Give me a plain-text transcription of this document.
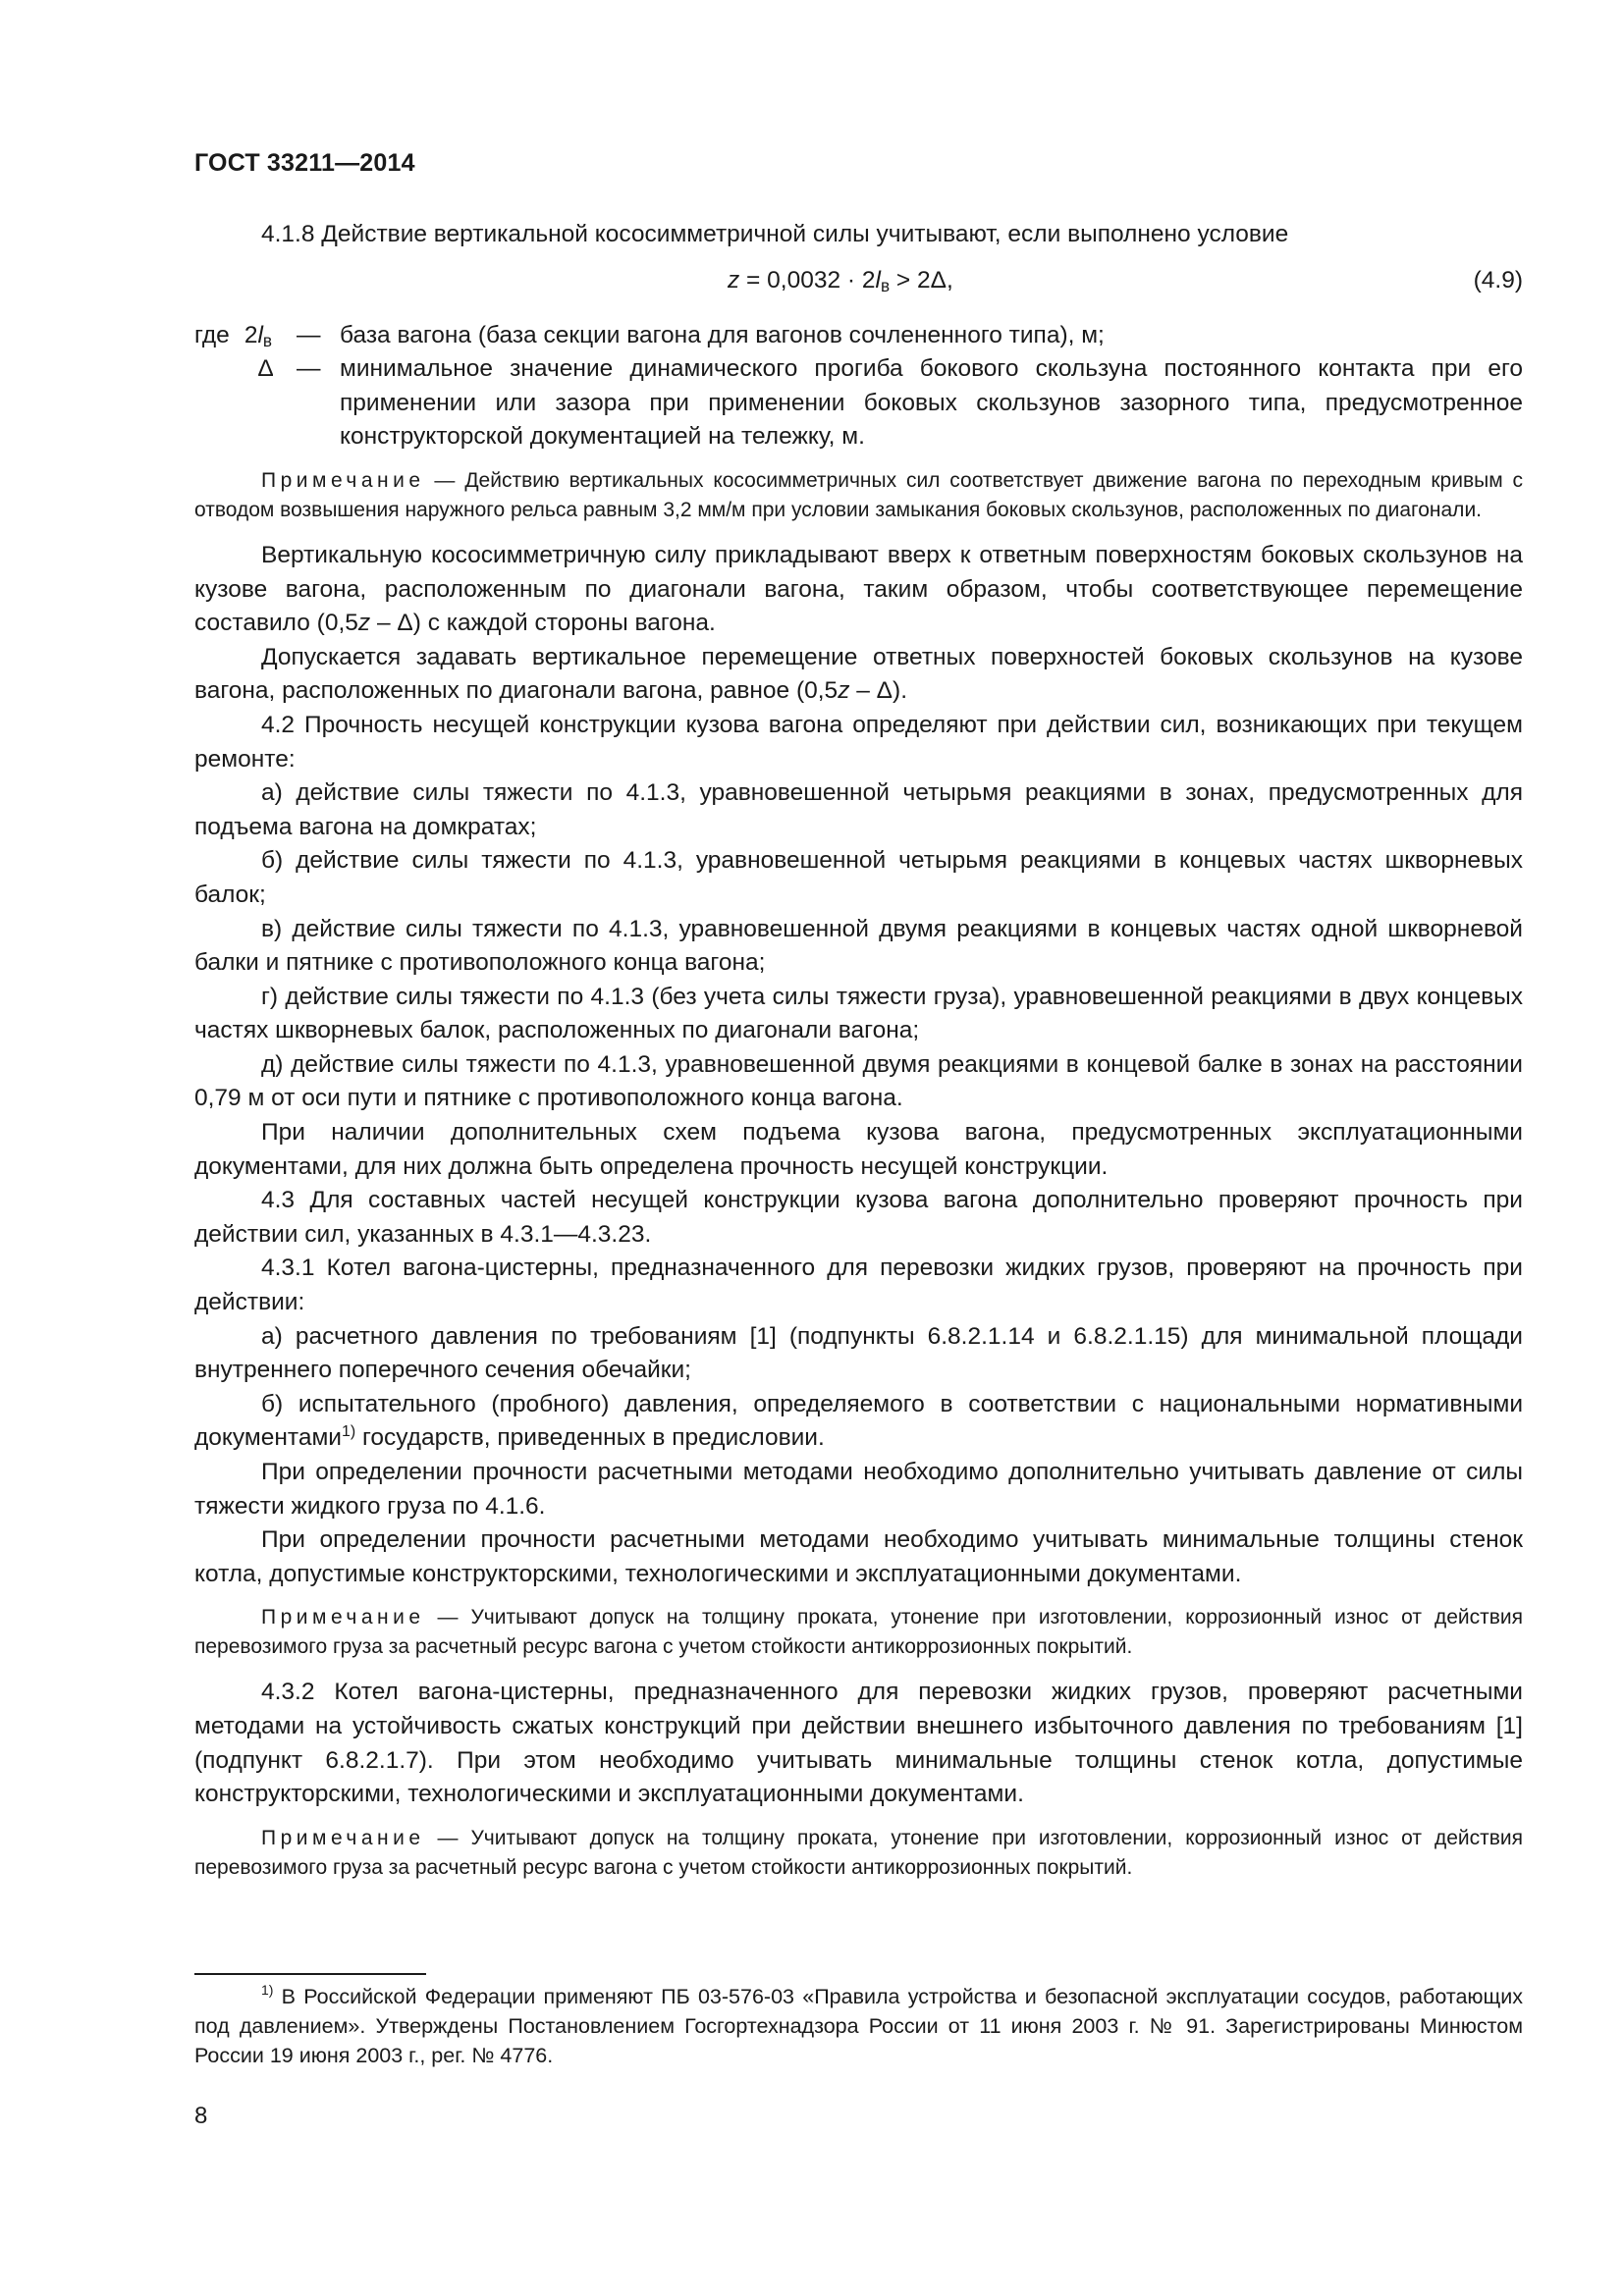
ГОСТ 33211—2014

4.1.8 Действие вертикальной кососимметричной силы учитывают, если выполнено условие

$z = 0,0032 \cdot 2l_в > 2\Delta$,	(4.9)
где $2l_в$	— база вагона (база секции вагона для вагонов сочлененного типа), м;
Δ — минимальное значение динамического прогиба бокового скользуна постоянного контакта при его применении или зазора при применении боковых скользунов зазорного типа, предусмотренное конструкторской документацией на тележку, м.

Примечание — Действию вертикальных кососимметричных сил соответствует движение вагона по переходным кривым с отводом возвышения наружного рельса равным 3,2 мм/м при условии замыкания боковых скользунов, расположенных по диагонали.

Вертикальную кососимметричную силу прикладывают вверх к ответным поверхностям боковых скользунов на кузове вагона, расположенным по диагонали вагона, таким образом, чтобы соответствующее перемещение составило (0,5z – Δ) с каждой стороны вагона.

Допускается задавать вертикальное перемещение ответных поверхностей боковых скользунов на кузове вагона, расположенных по диагонали вагона, равное (0,5z – Δ).

4.2 Прочность несущей конструкции кузова вагона определяют при действии сил, возникающих при текущем ремонте:

а) действие силы тяжести по 4.1.3, уравновешенной четырьмя реакциями в зонах, предусмотренных для подъема вагона на домкратах;

б) действие силы тяжести по 4.1.3, уравновешенной четырьмя реакциями в концевых частях шкворневых балок;

в) действие силы тяжести по 4.1.3, уравновешенной двумя реакциями в концевых частях одной шкворневой балки и пятнике с противоположного конца вагона;

г) действие силы тяжести по 4.1.3 (без учета силы тяжести груза), уравновешенной реакциями в двух концевых частях шкворневых балок, расположенных по диагонали вагона;

д) действие силы тяжести по 4.1.3, уравновешенной двумя реакциями в концевой балке в зонах на расстоянии 0,79 м от оси пути и пятнике с противоположного конца вагона.

При наличии дополнительных схем подъема кузова вагона, предусмотренных эксплуатационными документами, для них должна быть определена прочность несущей конструкции.

4.3 Для составных частей несущей конструкции кузова вагона дополнительно проверяют прочность при действии сил, указанных в 4.3.1—4.3.23.

4.3.1 Котел вагона-цистерны, предназначенного для перевозки жидких грузов, проверяют на прочность при действии:

а) расчетного давления по требованиям [1] (подпункты 6.8.2.1.14 и 6.8.2.1.15) для минимальной площади внутреннего поперечного сечения обечайки;

б) испытательного (пробного) давления, определяемого в соответствии с национальными нормативными документами$^{1)}$ государств, приведенных в предисловии.

При определении прочности расчетными методами необходимо дополнительно учитывать давление от силы тяжести жидкого груза по 4.1.6.

При определении прочности расчетными методами необходимо учитывать минимальные толщины стенок котла, допустимые конструкторскими, технологическими и эксплуатационными документами.

Примечание — Учитывают допуск на толщину проката, утонение при изготовлении, коррозионный износ от действия перевозимого груза за расчетный ресурс вагона с учетом стойкости антикоррозионных покрытий.

4.3.2 Котел вагона-цистерны, предназначенного для перевозки жидких грузов, проверяют расчетными методами на устойчивость сжатых конструкций при действии внешнего избыточного давления по требованиям [1] (подпункт 6.8.2.1.7). При этом необходимо учитывать минимальные толщины стенок котла, допустимые конструкторскими, технологическими и эксплуатационными документами.

Примечание — Учитывают допуск на толщину проката, утонение при изготовлении, коррозионный износ от действия перевозимого груза за расчетный ресурс вагона с учетом стойкости антикоррозионных покрытий.

$^{1)}$ В Российской Федерации применяют ПБ 03-576-03 «Правила устройства и безопасной эксплуатации сосудов, работающих под давлением». Утверждены Постановлением Госгортехнадзора России от 11 июня 2003 г. № 91. Зарегистрированы Минюстом России 19 июня 2003 г., рег. № 4776.

8
